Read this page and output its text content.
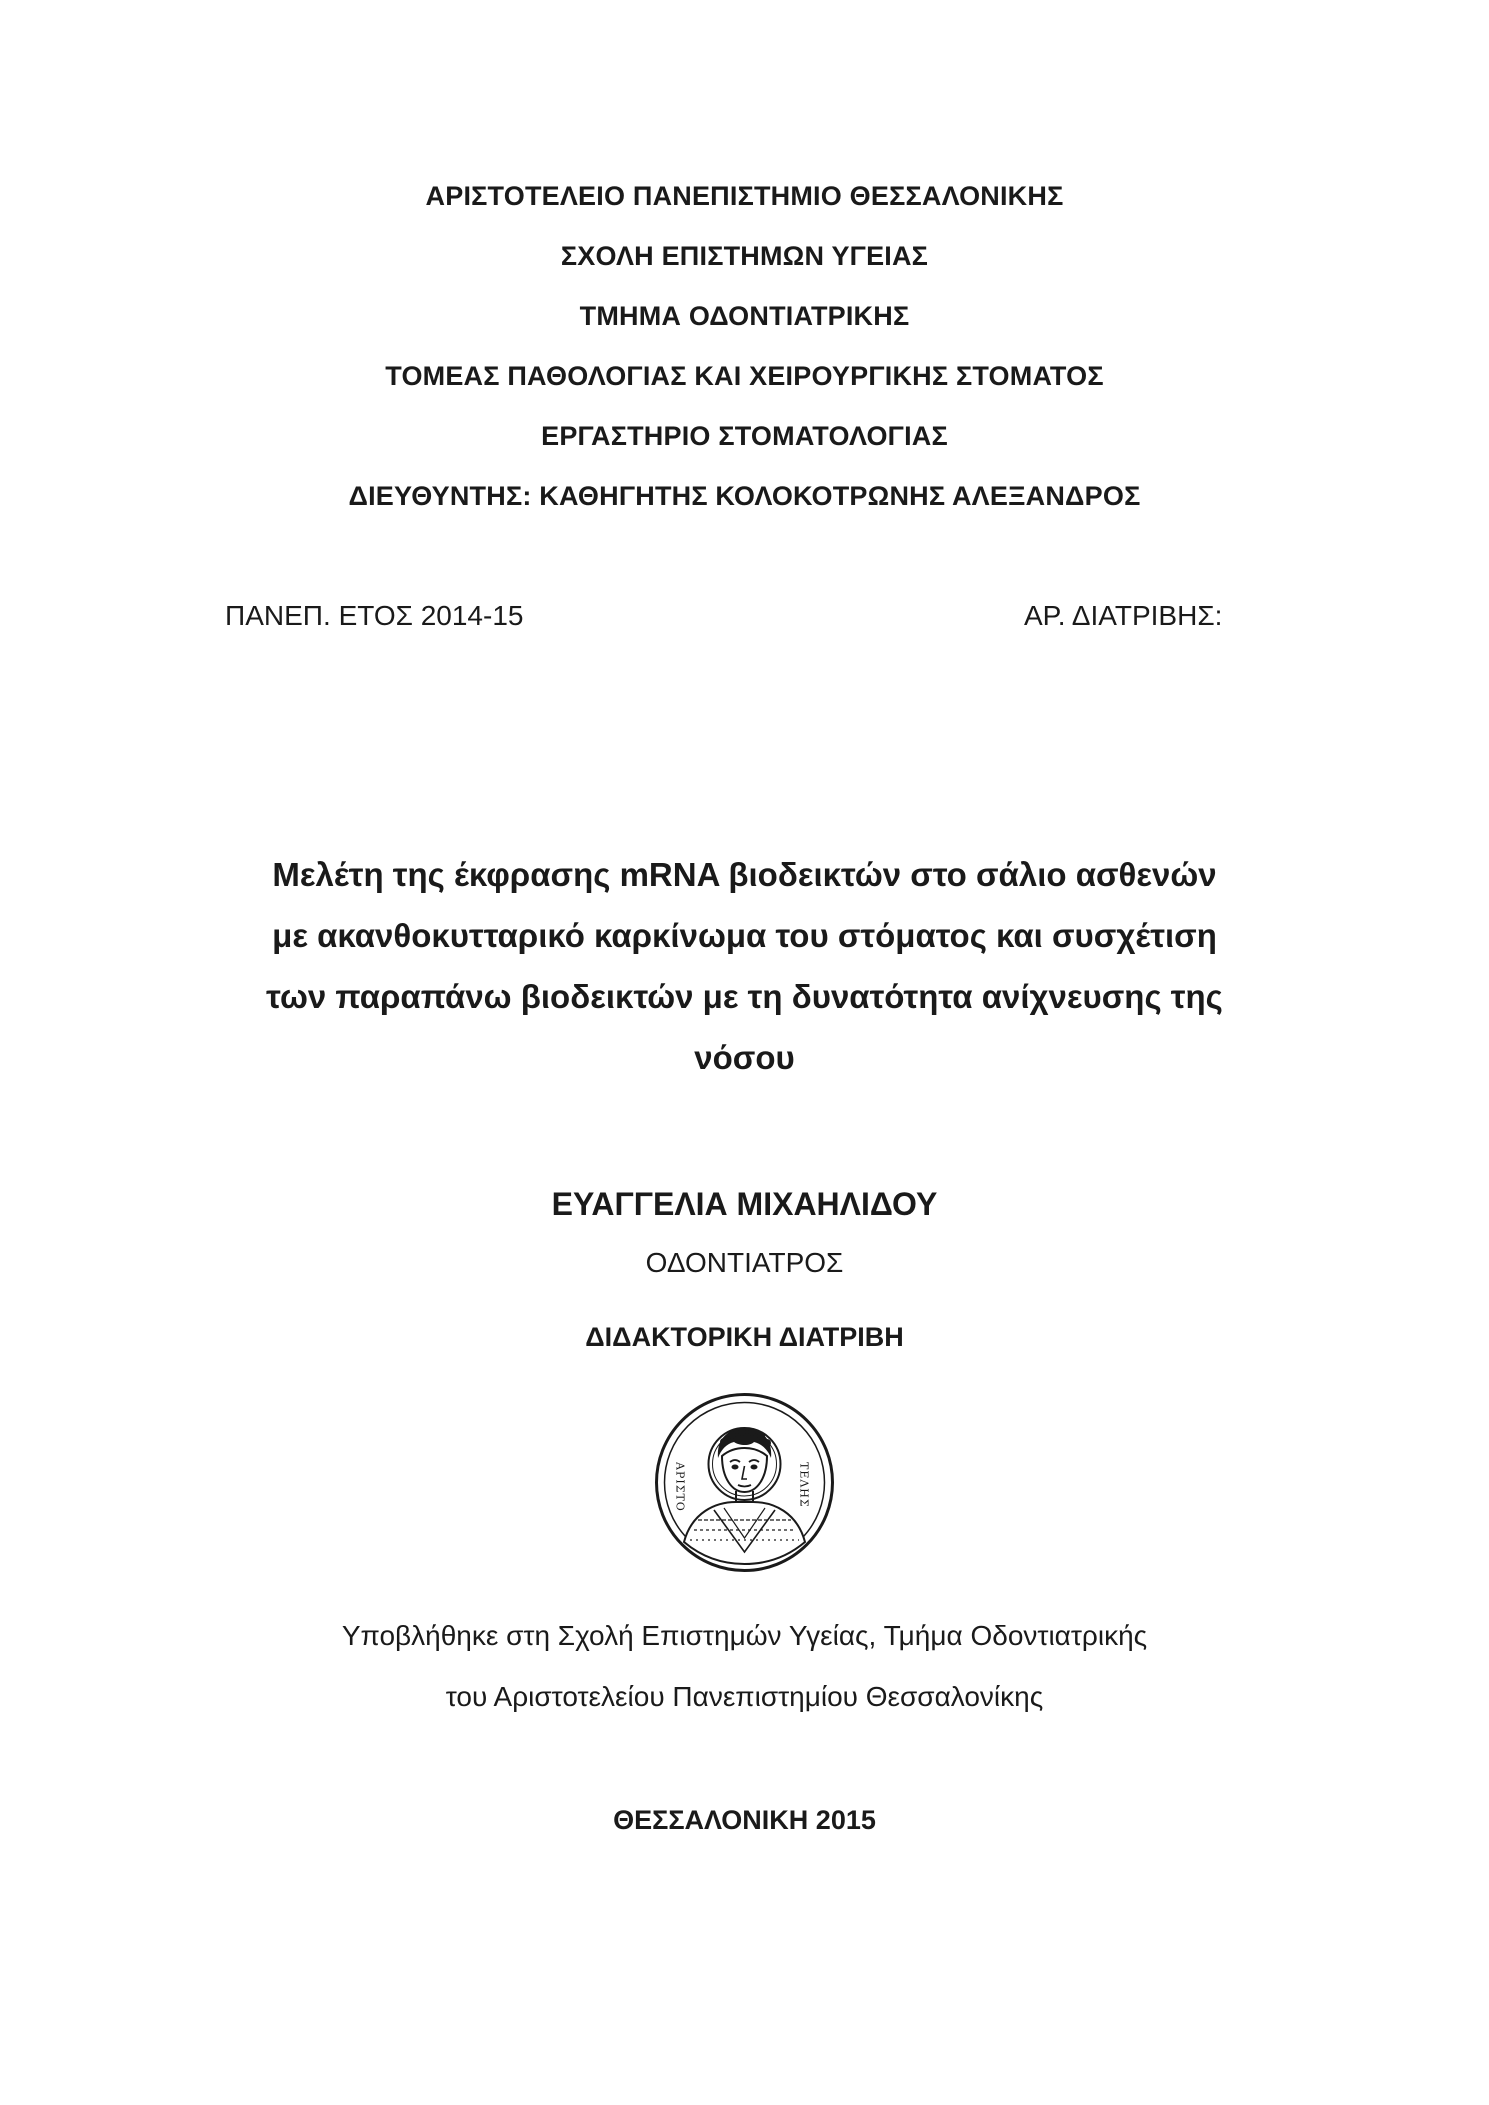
ΑΡΙΣΤΟΤΕΛΕΙΟ ΠΑΝΕΠΙΣΤΗΜΙΟ ΘΕΣΣΑΛΟΝΙΚΗΣ
ΣΧΟΛΗ ΕΠΙΣΤΗΜΩΝ ΥΓΕΙΑΣ
ΤΜΗΜΑ ΟΔΟΝΤΙΑΤΡΙΚΗΣ
ΤΟΜΕΑΣ ΠΑΘΟΛΟΓΙΑΣ ΚΑΙ ΧΕΙΡΟΥΡΓΙΚΗΣ ΣΤΟΜΑΤΟΣ
ΕΡΓΑΣΤΗΡΙΟ ΣΤΟΜΑΤΟΛΟΓΙΑΣ
ΔΙΕΥΘΥΝΤΗΣ: ΚΑΘΗΓΗΤΗΣ ΚΟΛΟΚΟΤΡΩΝΗΣ ΑΛΕΞΑΝΔΡΟΣ
ΠΑΝΕΠ. ΕΤΟΣ 2014-15	ΑΡ. ΔΙΑΤΡΙΒΗΣ:
Μελέτη της έκφρασης mRNA βιοδεικτών στο σάλιο ασθενών
με ακανθοκυτταρικό καρκίνωμα του στόματος και συσχέτιση
των παραπάνω βιοδεικτών με τη δυνατότητα ανίχνευσης της
νόσου
ΕΥΑΓΓΕΛΙΑ ΜΙΧΑΗΛΙΔΟΥ
ΟΔΟΝΤΙΑΤΡΟΣ
ΔΙΔΑΚΤΟΡΙΚΗ ΔΙΑΤΡΙΒΗ
ΑΡΙΣΤΟ	ΤΕΛΗΣ
Υποβλήθηκε στη Σχολή Επιστημών Υγείας, Τμήμα Οδοντιατρικής
του Αριστοτελείου Πανεπιστημίου Θεσσαλονίκης
ΘΕΣΣΑΛΟΝΙΚΗ 2015
